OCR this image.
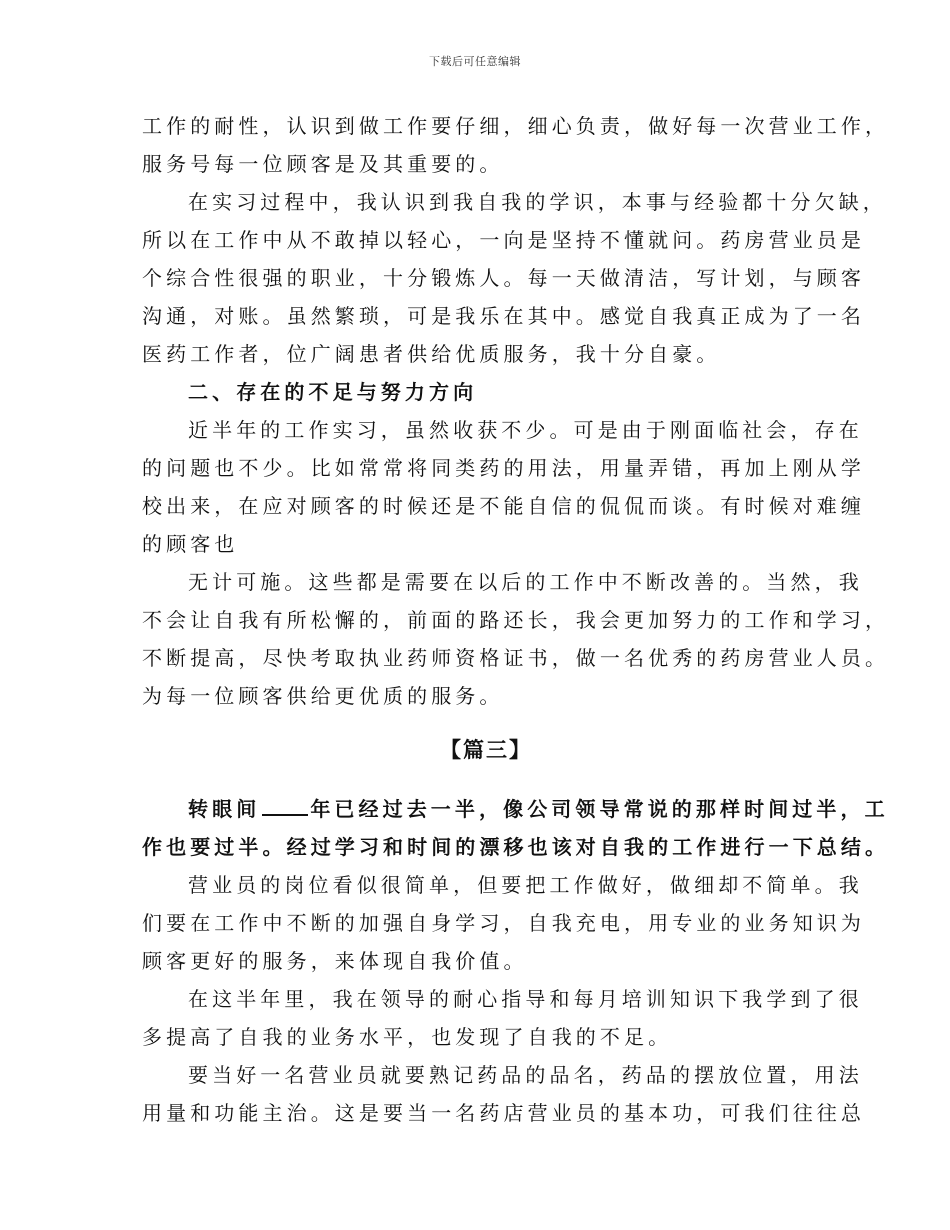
下载后可任意编辑
工作的耐性，认识到做工作要仔细，细心负责，做好每一次营业工作，
服务号每一位顾客是及其重要的。
在实习过程中，我认识到我自我的学识，本事与经验都十分欠缺，
所以在工作中从不敢掉以轻心，一向是坚持不懂就问。药房营业员是
个综合性很强的职业，十分锻炼人。每一天做清洁，写计划，与顾客
沟通，对账。虽然繁琐，可是我乐在其中。感觉自我真正成为了一名
医药工作者，位广阔患者供给优质服务，我十分自豪。
二、存在的不足与努力方向
近半年的工作实习，虽然收获不少。可是由于刚面临社会，存在
的问题也不少。比如常常将同类药的用法，用量弄错，再加上刚从学
校出来，在应对顾客的时候还是不能自信的侃侃而谈。有时候对难缠
的顾客也
无计可施。这些都是需要在以后的工作中不断改善的。当然，我
不会让自我有所松懈的，前面的路还长，我会更加努力的工作和学习，
不断提高，尽快考取执业药师资格证书，做一名优秀的药房营业人员。
为每一位顾客供给更优质的服务。
【篇三】
转眼间	年已经过去一半，像公司领导常说的那样时间过半，工
作也要过半。经过学习和时间的漂移也该对自我的工作进行一下总结。
营业员的岗位看似很简单，但要把工作做好，做细却不简单。我
们要在工作中不断的加强自身学习，自我充电，用专业的业务知识为
顾客更好的服务，来体现自我价值。
在这半年里，我在领导的耐心指导和每月培训知识下我学到了很
多提高了自我的业务水平，也发现了自我的不足。
要当好一名营业员就要熟记药品的品名，药品的摆放位置，用法
用量和功能主治。这是要当一名药店营业员的基本功，可我们往往总
